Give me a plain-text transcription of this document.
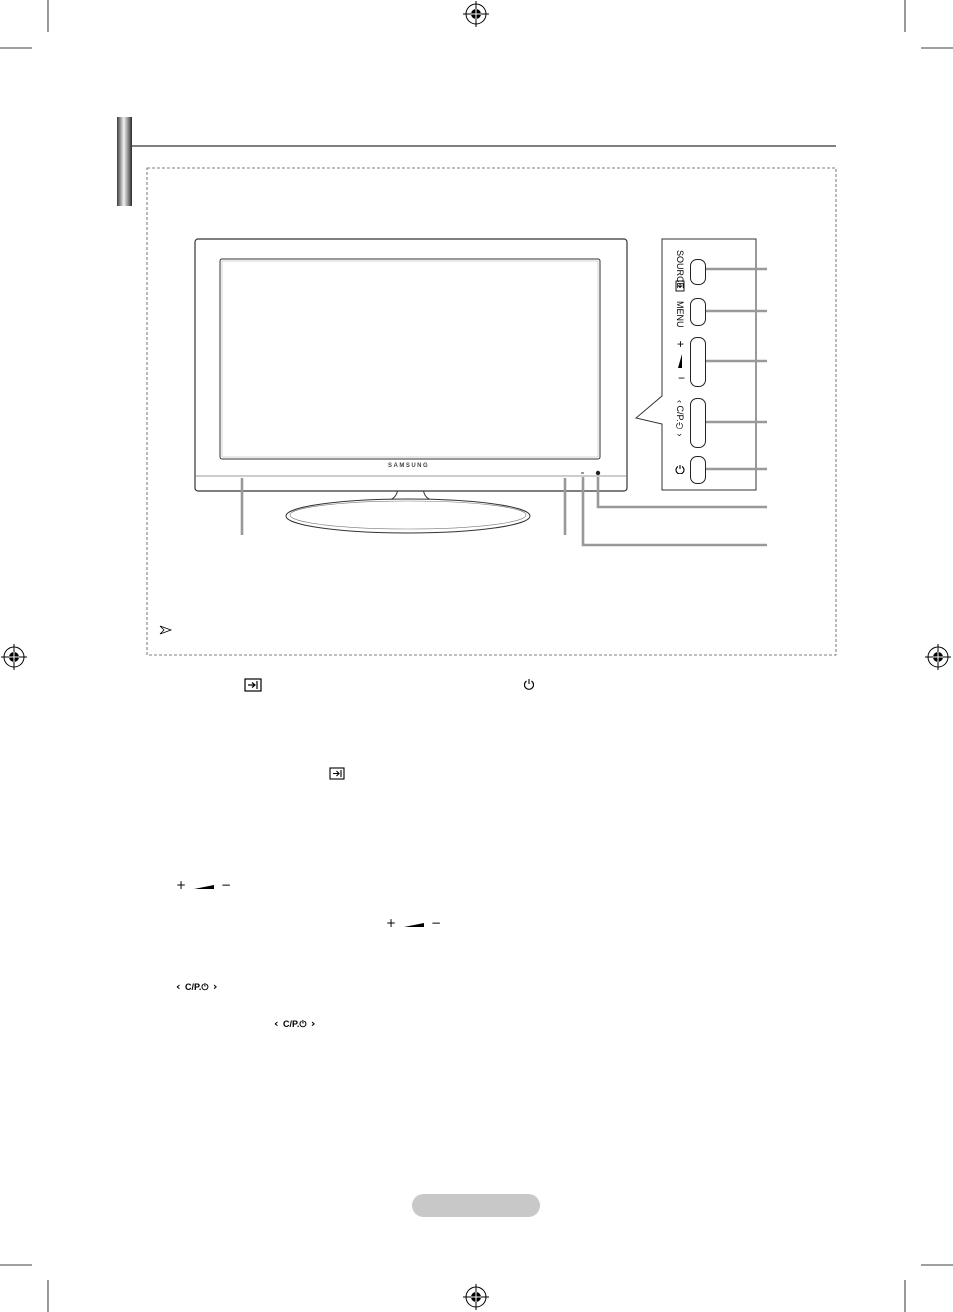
SOURCE
MENU
+
−
‹ C/P.⏻ ›
SAMSUNG
+	−
+	−
‹ C/P.⏻ ›
‹ C/P.⏻ ›
